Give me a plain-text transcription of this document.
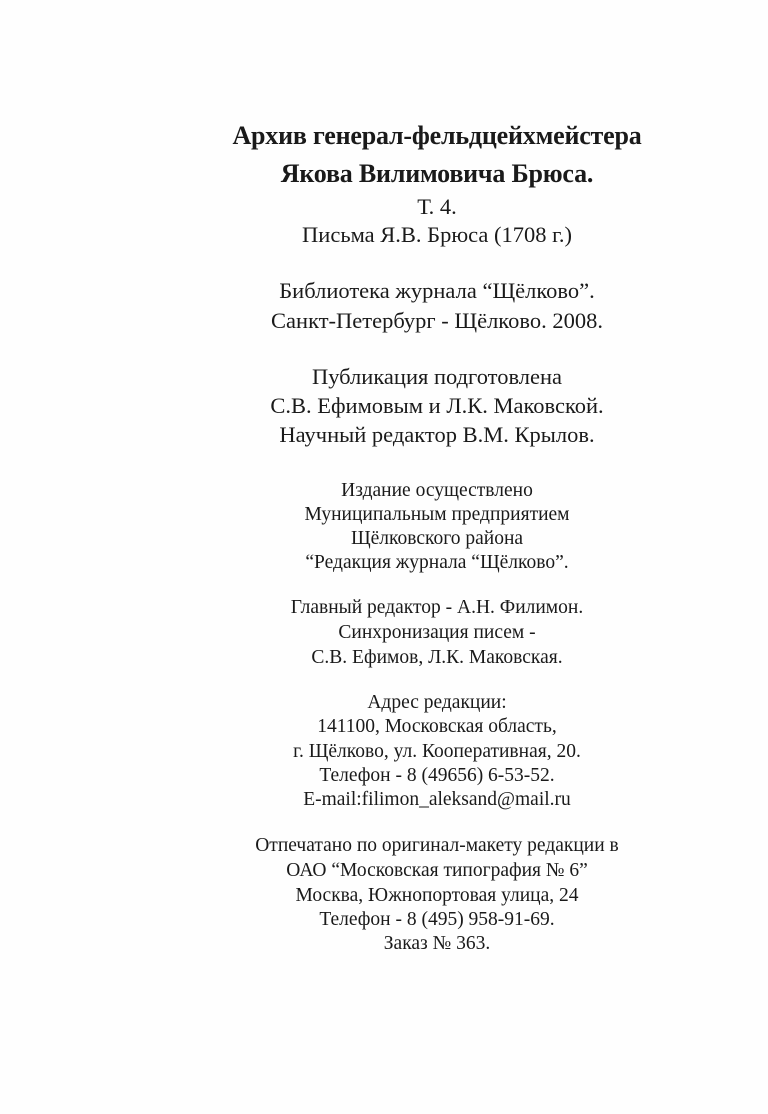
Архив генерал-фельдцейхмейстера
Якова Вилимовича Брюса.
Т. 4.
Письма Я.В. Брюса (1708 г.)
Библиотека журнала “Щёлково”.
Санкт-Петербург - Щёлково. 2008.
Публикация подготовлена
С.В. Ефимовым и Л.К. Маковской.
Научный редактор В.М. Крылов.
Издание осуществлено
Муниципальным предприятием
Щёлковского района
“Редакция журнала “Щёлково”.
Главный редактор - А.Н. Филимон.
Синхронизация писем -
С.В. Ефимов, Л.К. Маковская.
Адрес редакции:
141100, Московская область,
г. Щёлково, ул. Кооперативная, 20.
Телефон - 8 (49656) 6-53-52.
E-mail:filimon_aleksand@mail.ru
Отпечатано по оригинал-макету редакции в
ОАО “Московская типография № 6”
Москва, Южнопортовая улица, 24
Телефон - 8 (495) 958-91-69.
Заказ № 363.
